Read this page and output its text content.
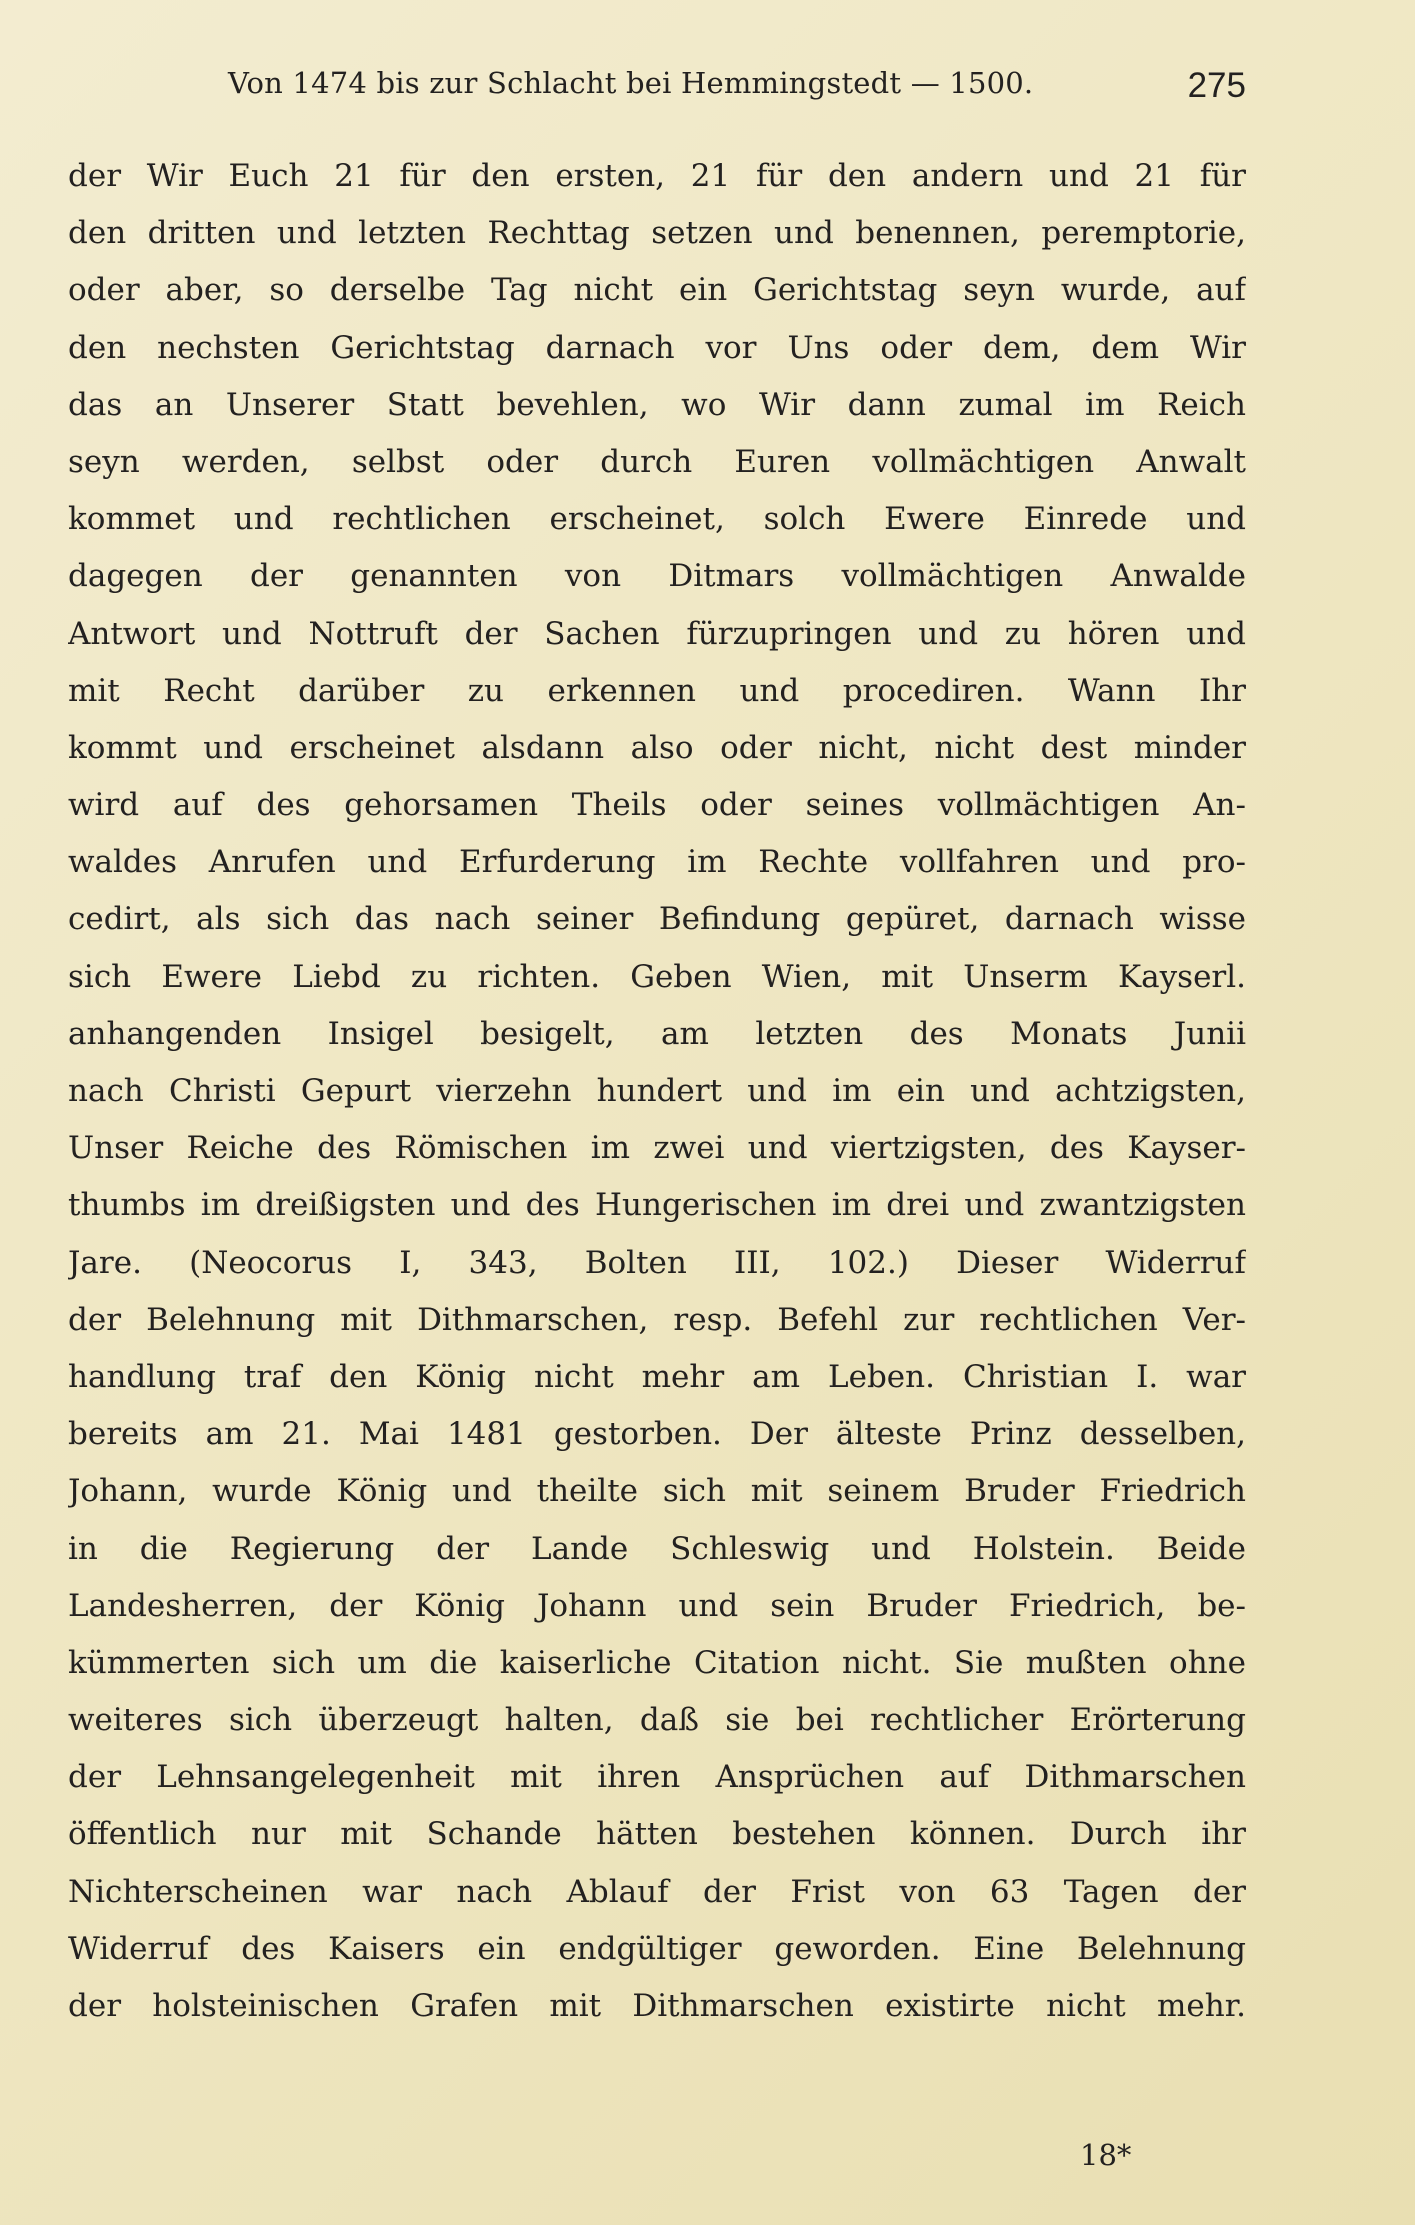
Von 1474 bis zur Schlacht bei Hemmingstedt — 1500.	275
der Wir Euch 21 für den ersten, 21 für den andern und 21 für
den dritten und letzten Rechttag setzen und benennen, peremptorie,
oder aber, so derselbe Tag nicht ein Gerichtstag seyn wurde, auf
den nechsten Gerichtstag darnach vor Uns oder dem, dem Wir
das an Unserer Statt bevehlen, wo Wir dann zumal im Reich
seyn werden, selbst oder durch Euren vollmächtigen Anwalt
kommet und rechtlichen erscheinet, solch Ewere Einrede und
dagegen der genannten von Ditmars vollmächtigen Anwalde
Antwort und Nottruft der Sachen fürzupringen und zu hören und
mit Recht darüber zu erkennen und procediren. Wann Ihr
kommt und erscheinet alsdann also oder nicht, nicht dest minder
wird auf des gehorsamen Theils oder seines vollmächtigen An-
waldes Anrufen und Erfurderung im Rechte vollfahren und pro-
cedirt, als sich das nach seiner Befindung gepüret, darnach wisse
sich Ewere Liebd zu richten. Geben Wien, mit Unserm Kayserl.
anhangenden Insigel besigelt, am letzten des Monats Junii
nach Christi Gepurt vierzehn hundert und im ein und achtzigsten,
Unser Reiche des Römischen im zwei und viertzigsten, des Kayser-
thumbs im dreißigsten und des Hungerischen im drei und zwantzigsten
Jare. (Neocorus I, 343, Bolten III, 102.) Dieser Widerruf
der Belehnung mit Dithmarschen, resp. Befehl zur rechtlichen Ver-
handlung traf den König nicht mehr am Leben. Christian I. war
bereits am 21. Mai 1481 gestorben. Der älteste Prinz desselben,
Johann, wurde König und theilte sich mit seinem Bruder Friedrich
in die Regierung der Lande Schleswig und Holstein. Beide
Landesherren, der König Johann und sein Bruder Friedrich, be-
kümmerten sich um die kaiserliche Citation nicht. Sie mußten ohne
weiteres sich überzeugt halten, daß sie bei rechtlicher Erörterung
der Lehnsangelegenheit mit ihren Ansprüchen auf Dithmarschen
öffentlich nur mit Schande hätten bestehen können. Durch ihr
Nichterscheinen war nach Ablauf der Frist von 63 Tagen der
Widerruf des Kaisers ein endgültiger geworden. Eine Belehnung
der holsteinischen Grafen mit Dithmarschen existirte nicht mehr.
18*
